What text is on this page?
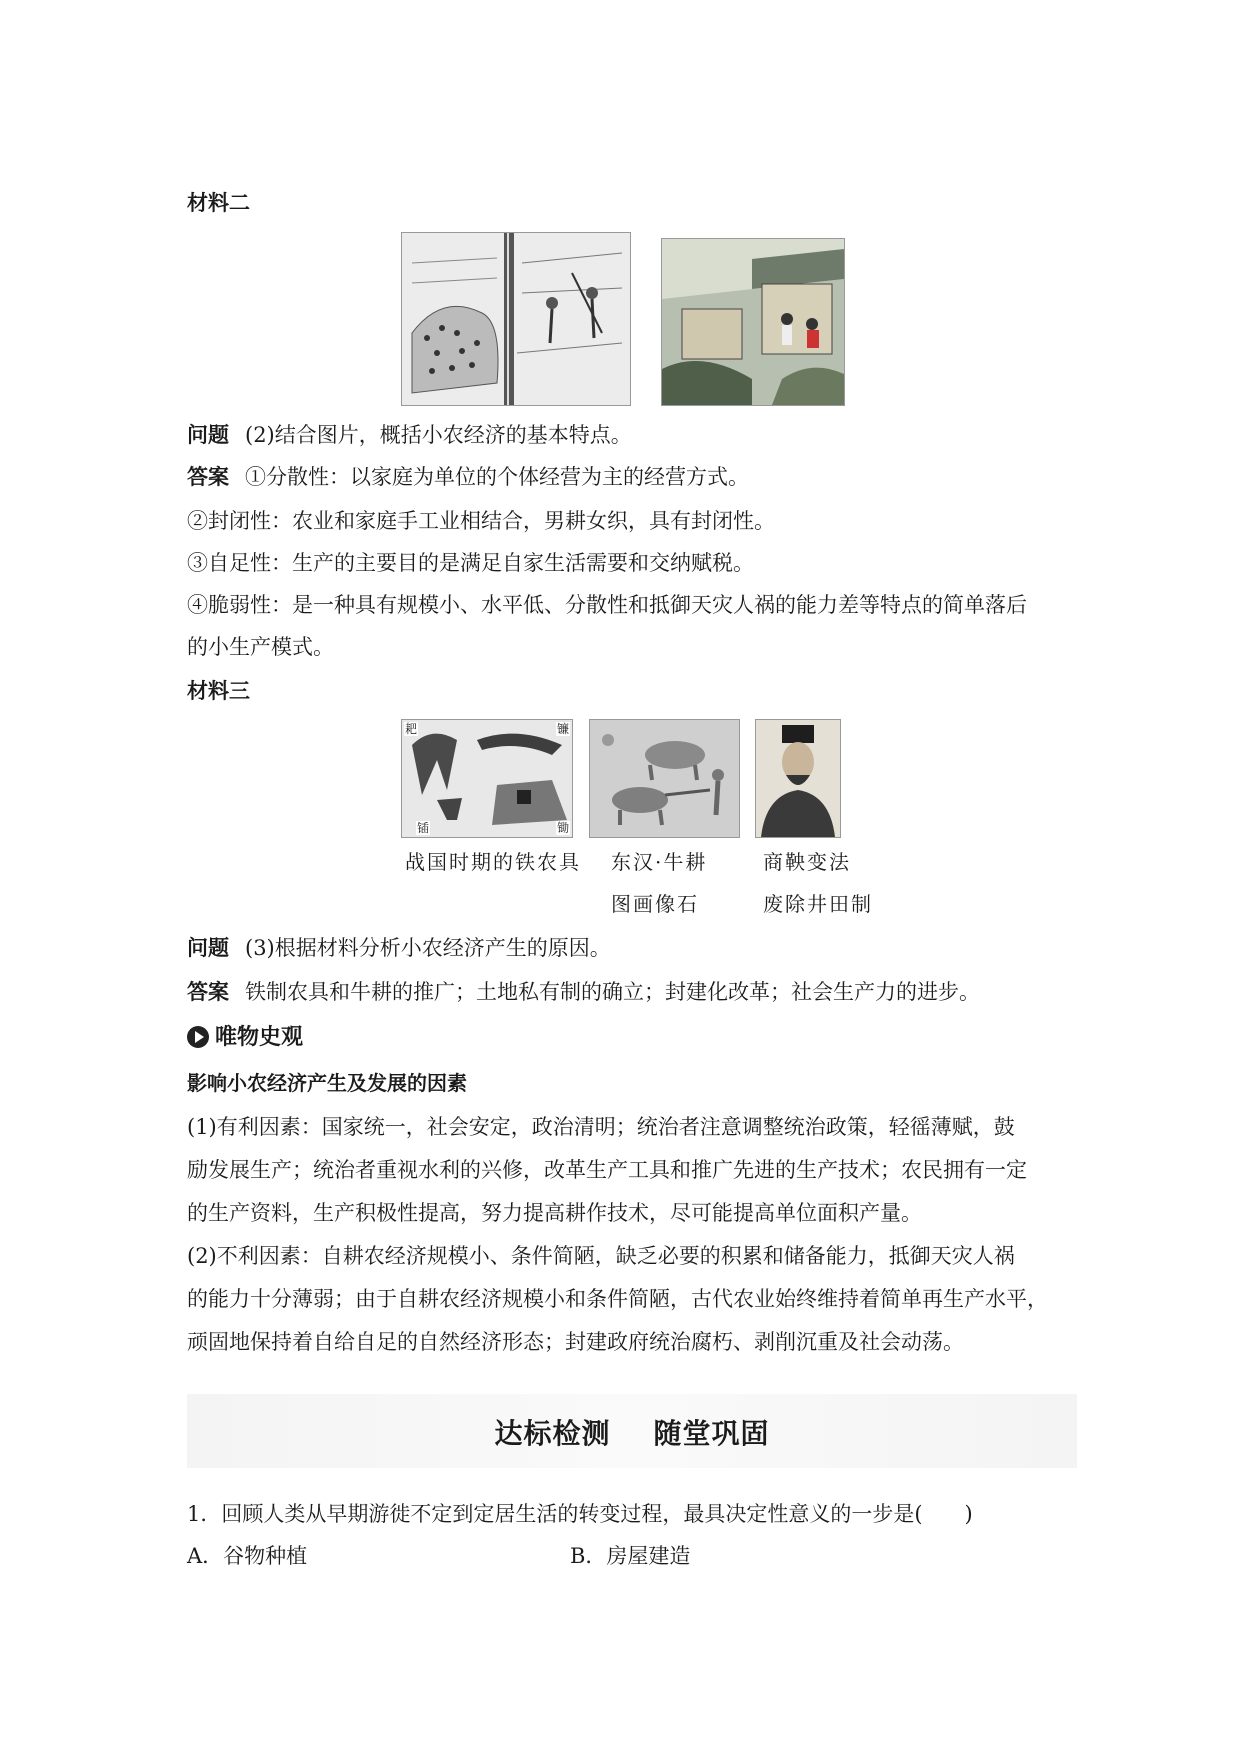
材料二
问题 (2)结合图片，概括小农经济的基本特点。
答案 ①分散性：以家庭为单位的个体经营为主的经营方式。
②封闭性：农业和家庭手工业相结合，男耕女织，具有封闭性。
③自足性：生产的主要目的是满足自家生活需要和交纳赋税。
④脆弱性：是一种具有规模小、水平低、分散性和抵御天灾人祸的能力差等特点的简单落后
的小生产模式。
材料三
耙	镰
锸	锄
战国时期的铁农具 东汉·牛耕
图画像石
商鞅变法
废除井田制
问题 (3)根据材料分析小农经济产生的原因。
答案 铁制农具和牛耕的推广；土地私有制的确立；封建化改革；社会生产力的进步。
唯物史观
影响小农经济产生及发展的因素
(1)有利因素：国家统一，社会安定，政治清明；统治者注意调整统治政策，轻徭薄赋，鼓
励发展生产；统治者重视水利的兴修，改革生产工具和推广先进的生产技术；农民拥有一定
的生产资料，生产积极性提高，努力提高耕作技术，尽可能提高单位面积产量。
(2)不利因素：自耕农经济规模小、条件简陋，缺乏必要的积累和储备能力，抵御天灾人祸
的能力十分薄弱；由于自耕农经济规模小和条件简陋，古代农业始终维持着简单再生产水平，
顽固地保持着自给自足的自然经济形态；封建政府统治腐朽、剥削沉重及社会动荡。
达标检测    随堂巩固
1．回顾人类从早期游徙不定到定居生活的转变过程，最具决定性意义的一步是(　　)
A．谷物种植	B．房屋建造
